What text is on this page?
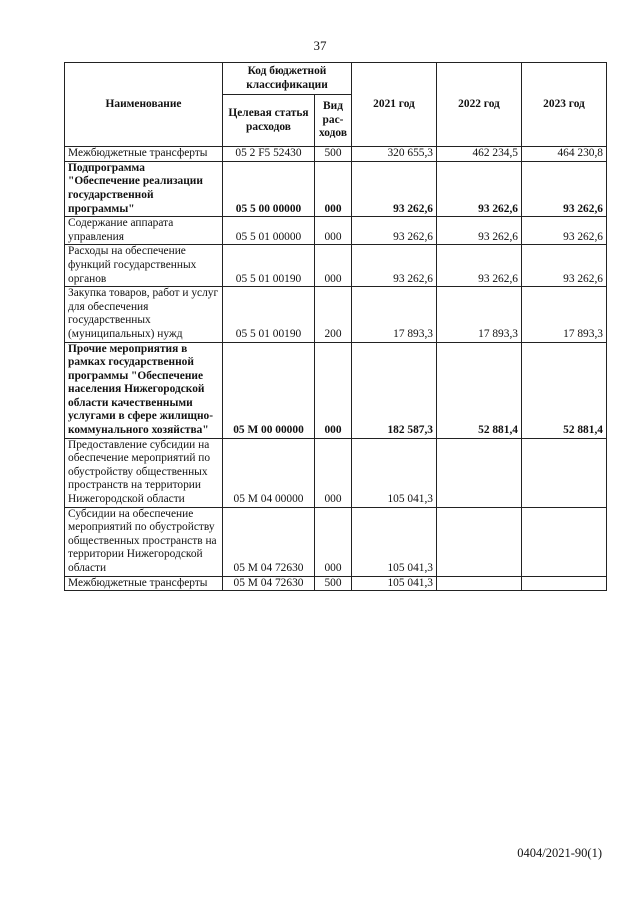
37
Наименование	Код бюджетной классификации		2021 год	2022 год	2023 год
	Целевая статья расходов	Вид рас-ходов			
Межбюджетные трансферты	05 2 F5 52430	500	320 655,3	462 234,5	464 230,8
Подпрограмма "Обеспечение реализации государственной программы"	05 5 00 00000	000	93 262,6	93 262,6	93 262,6
Содержание аппарата управления	05 5 01 00000	000	93 262,6	93 262,6	93 262,6
Расходы на обеспечение функций государственных органов	05 5 01 00190	000	93 262,6	93 262,6	93 262,6
Закупка товаров, работ и услуг для обеспечения государственных (муниципальных) нужд	05 5 01 00190	200	17 893,3	17 893,3	17 893,3
Прочие мероприятия в рамках государственной программы "Обеспечение населения Нижегородской области качественными услугами в сфере жилищно-коммунального хозяйства"	05 М 00 00000	000	182 587,3	52 881,4	52 881,4
Предоставление субсидии на обеспечение мероприятий по обустройству общественных пространств на территории Нижегородской области	05 М 04 00000	000	105 041,3		
Субсидии на обеспечение мероприятий по обустройству общественных пространств на территории Нижегородской области	05 М 04 72630	000	105 041,3		
Межбюджетные трансферты	05 М 04 72630	500	105 041,3		
0404/2021-90(1)
